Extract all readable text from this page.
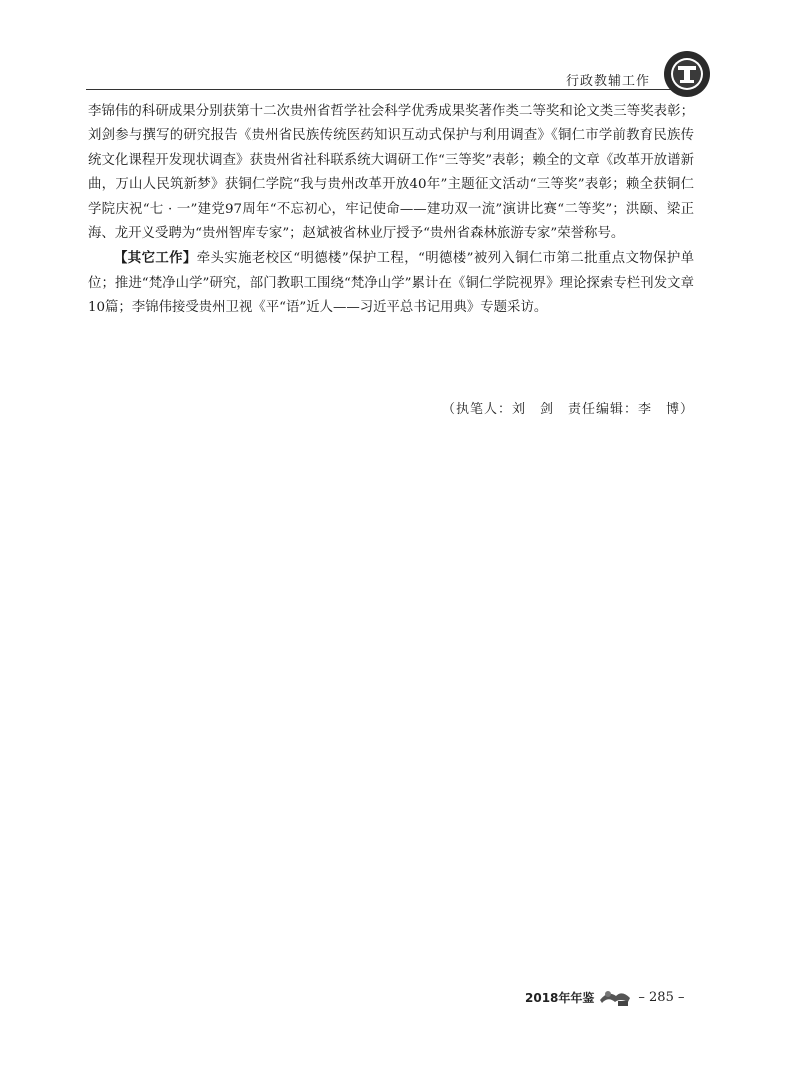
行政教辅工作

李锦伟的科研成果分别获第十二次贵州省哲学社会科学优秀成果奖著作类二等奖和论文类三等奖表彰；刘剑参与撰写的研究报告《贵州省民族传统医药知识互动式保护与利用调查》《铜仁市学前教育民族传统文化课程开发现状调查》获贵州省社科联系统大调研工作“三等奖”表彰；赖全的文章《改革开放谱新曲，万山人民筑新梦》获铜仁学院“我与贵州改革开放40年”主题征文活动“三等奖”表彰；赖全获铜仁学院庆祝“七 · 一”建党97周年“不忘初心，牢记使命——建功双一流”演讲比赛“二等奖”；洪颐、梁正海、龙开义受聘为“贵州智库专家”；赵斌被省林业厅授予“贵州省森林旅游专家”荣誉称号。

【其它工作】牵头实施老校区“明德楼”保护工程，“明德楼”被列入铜仁市第二批重点文物保护单位；推进“梵净山学”研究，部门教职工围绕“梵净山学”累计在《铜仁学院视界》理论探索专栏刊发文章10篇；李锦伟接受贵州卫视《平“语”近人——习近平总书记用典》专题采访。

（执笔人：刘　剑　责任编辑：李　博）
2018年年鉴	– 285 –
